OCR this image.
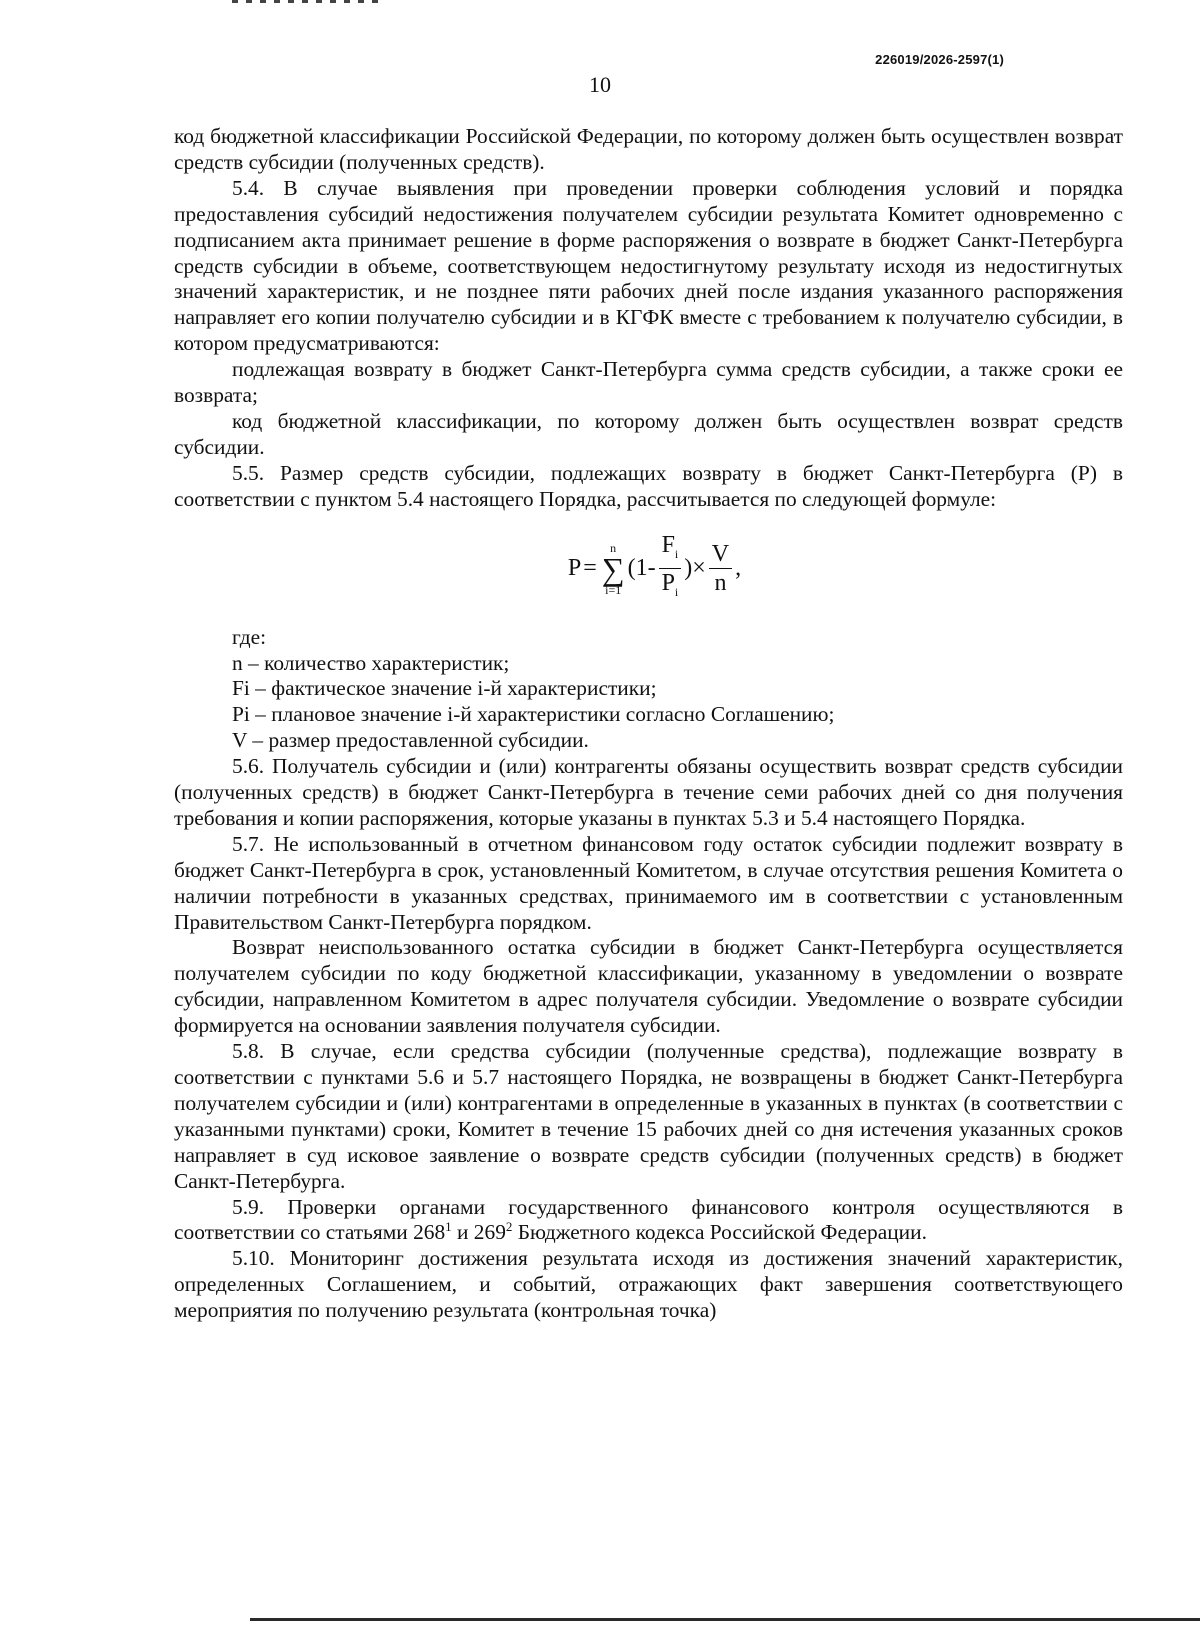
226019/2026-2597(1)
10

код бюджетной классификации Российской Федерации, по которому должен быть осуществлен возврат средств субсидии (полученных средств).

5.4. В случае выявления при проведении проверки соблюдения условий и порядка предоставления субсидий недостижения получателем субсидии результата Комитет одновременно с подписанием акта принимает решение в форме распоряжения о возврате в бюджет Санкт-Петербурга средств субсидии в объеме, соответствующем недостигнутому результату исходя из недостигнутых значений характеристик, и не позднее пяти рабочих дней после издания указанного распоряжения направляет его копии получателю субсидии и в КГФК вместе с требованием к получателю субсидии, в котором предусматриваются:

подлежащая возврату в бюджет Санкт-Петербурга сумма средств субсидии, а также сроки ее возврата;

код бюджетной классификации, по которому должен быть осуществлен возврат средств субсидии.

5.5. Размер средств субсидии, подлежащих возврату в бюджет Санкт-Петербурга (Р) в соответствии с пунктом 5.4 настоящего Порядка, рассчитывается по следующей формуле:

P =
n
∑
i=1
($1- \frac{F_i}{P_i}$ )× $\frac{V}{n}$ ,

где:

n – количество характеристик;

Fi – фактическое значение i-й характеристики;

Pi – плановое значение i-й характеристики согласно Соглашению;

V – размер предоставленной субсидии.

5.6. Получатель субсидии и (или) контрагенты обязаны осуществить возврат средств субсидии (полученных средств) в бюджет Санкт-Петербурга в течение семи рабочих дней со дня получения требования и копии распоряжения, которые указаны в пунктах 5.3 и 5.4 настоящего Порядка.

5.7. Не использованный в отчетном финансовом году остаток субсидии подлежит возврату в бюджет Санкт-Петербурга в срок, установленный Комитетом, в случае отсутствия решения Комитета о наличии потребности в указанных средствах, принимаемого им в соответствии с установленным Правительством Санкт-Петербурга порядком.

Возврат неиспользованного остатка субсидии в бюджет Санкт-Петербурга осуществляется получателем субсидии по коду бюджетной классификации, указанному в уведомлении о возврате субсидии, направленном Комитетом в адрес получателя субсидии. Уведомление о возврате субсидии формируется на основании заявления получателя субсидии.

5.8. В случае, если средства субсидии (полученные средства), подлежащие возврату в соответствии с пунктами 5.6 и 5.7 настоящего Порядка, не возвращены в бюджет Санкт-Петербурга получателем субсидии и (или) контрагентами в определенные в указанных в пунктах (в соответствии с указанными пунктами) сроки, Комитет в течение 15 рабочих дней со дня истечения указанных сроков направляет в суд исковое заявление о возврате средств субсидии (полученных средств) в бюджет Санкт-Петербурга.

5.9. Проверки органами государственного финансового контроля осуществляются в соответствии со статьями $268^1$ и $269^2$ Бюджетного кодекса Российской Федерации.

5.10. Мониторинг достижения результата исходя из достижения значений характеристик, определенных Соглашением, и событий, отражающих факт завершения соответствующего мероприятия по получению результата (контрольная точка)
